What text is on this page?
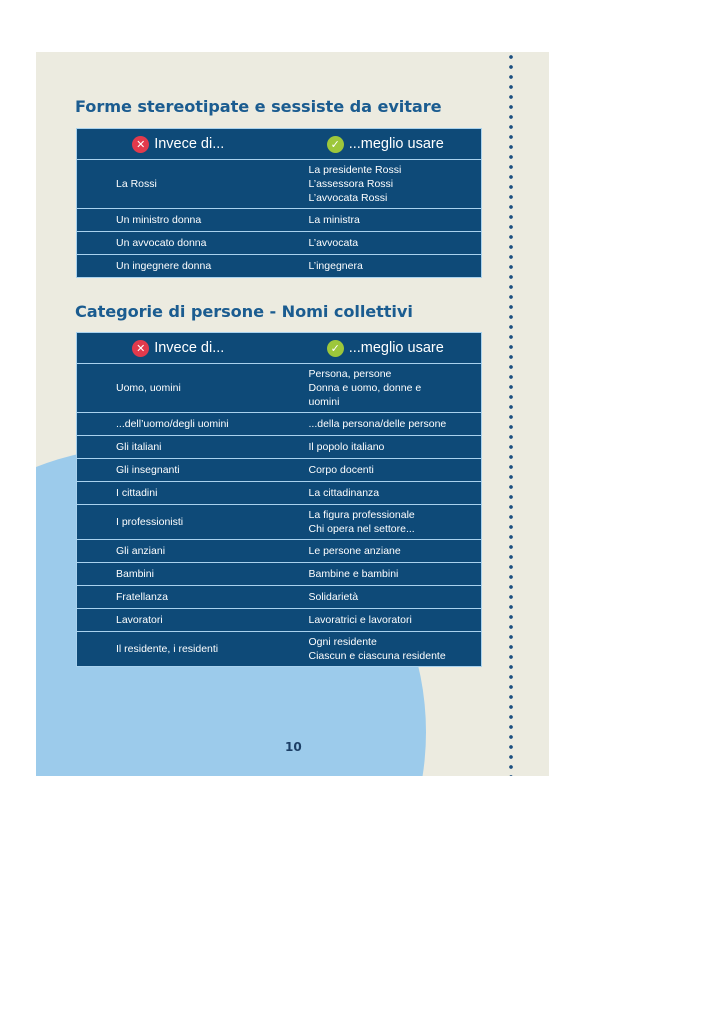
Forme stereotipate e sessiste da evitare
✕ Invece di...	✓ ...meglio usare

La Rossi	La presidente Rossi
L’assessora Rossi
L’avvocata Rossi

Un ministro donna	La ministra

Un avvocato donna	L’avvocata

Un ingegnere donna	L’ingegnera
Categorie di persone - Nomi collettivi
✕ Invece di...	✓ ...meglio usare

Uomo, uomini	Persona, persone
Donna e uomo, donne e
uomini

...dell’uomo/degli uomini	...della persona/delle persone

Gli italiani	Il popolo italiano

Gli insegnanti	Corpo docenti

I cittadini	La cittadinanza

I professionisti	La figura professionale
Chi opera nel settore...

Gli anziani	Le persone anziane

Bambini	Bambine e bambini

Fratellanza	Solidarietà

Lavoratori	Lavoratrici e lavoratori

Il residente, i residenti	Ogni residente
Ciascun e ciascuna residente
10
